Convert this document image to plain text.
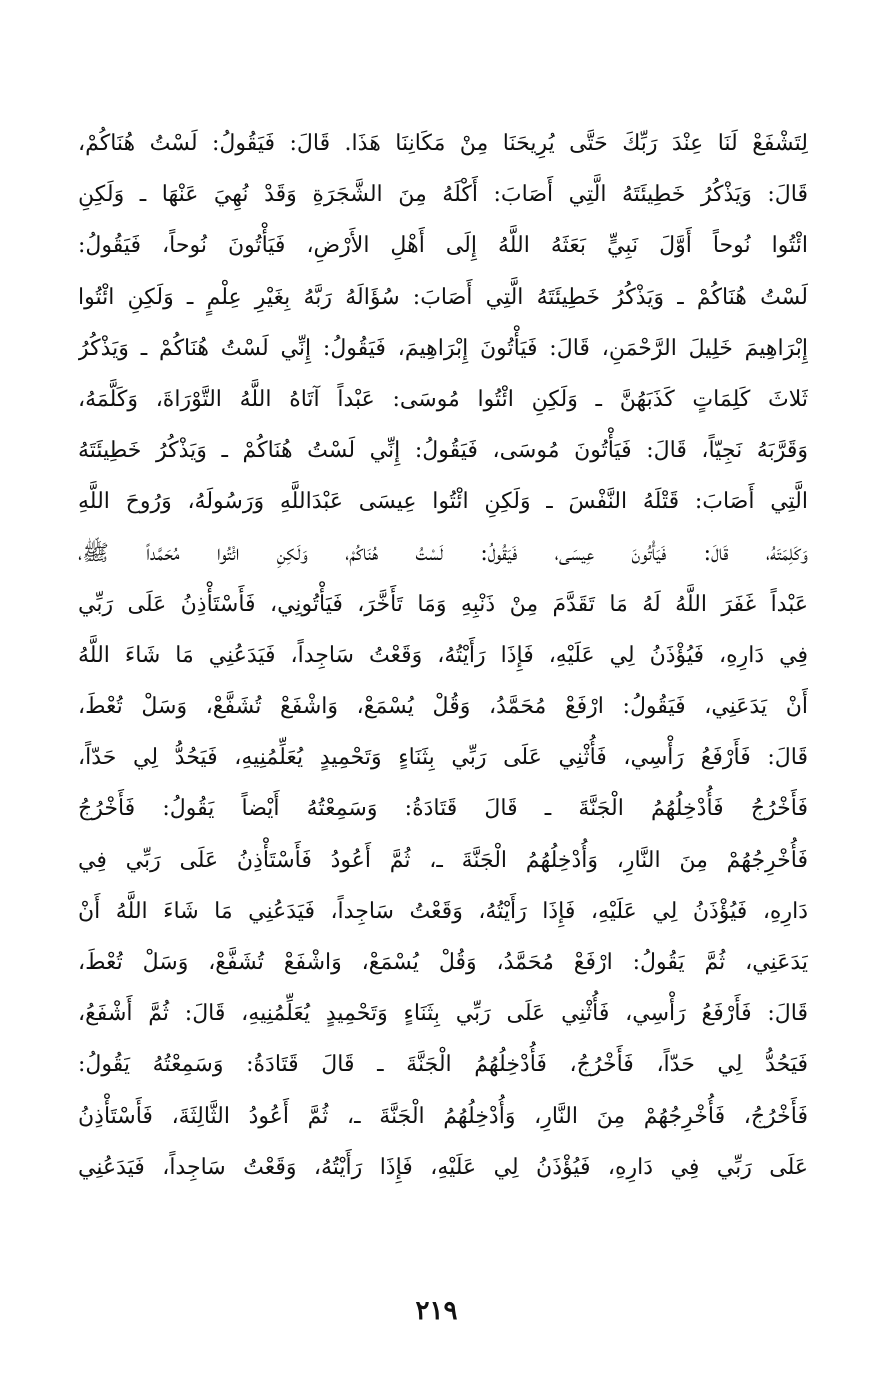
لِتَشْفَعْ لَنَا عِنْدَ رَبِّكَ حَتَّى يُرِيحَنَا مِنْ مَكَانِنَا هَذَا. قَالَ: فَيَقُولُ: لَسْتُ هُنَاكُمْ،
قَالَ: وَيَذْكُرُ خَطِيئَتَهُ الَّتِي أَصَابَ: أَكْلَهُ مِنَ الشَّجَرَةِ وَقَدْ نُهِيَ عَنْهَا ـ وَلَكِنِ
ائْتُوا نُوحاً أَوَّلَ نَبِيٍّ بَعَثَهُ اللَّهُ إِلَى أَهْلِ الأَرْضِ، فَيَأْتُونَ نُوحاً، فَيَقُولُ:
لَسْتُ هُنَاكُمْ ـ وَيَذْكُرُ خَطِيئَتَهُ الَّتِي أَصَابَ: سُؤَالَهُ رَبَّهُ بِغَيْرِ عِلْمٍ ـ وَلَكِنِ ائْتُوا
إِبْرَاهِيمَ خَلِيلَ الرَّحْمَنِ، قَالَ: فَيَأْتُونَ إِبْرَاهِيمَ، فَيَقُولُ: إِنِّي لَسْتُ هُنَاكُمْ ـ وَيَذْكُرُ
ثَلاثَ كَلِمَاتٍ كَذَبَهُنَّ ـ وَلَكِنِ ائْتُوا مُوسَى: عَبْداً آتَاهُ اللَّهُ التَّوْرَاةَ، وَكَلَّمَهُ،
وَقَرَّبَهُ نَجِيّاً، قَالَ: فَيَأْتُونَ مُوسَى، فَيَقُولُ: إِنِّي لَسْتُ هُنَاكُمْ ـ وَيَذْكُرُ خَطِيئَتَهُ
الَّتِي أَصَابَ: قَتْلَهُ النَّفْسَ ـ وَلَكِنِ ائْتُوا عِيسَى عَبْدَاللَّهِ وَرَسُولَهُ، وَرُوحَ اللَّهِ
وَكَلِمَتَهُ، قَالَ: فَيَأْتُونَ عِيسَى، فَيَقُولُ: لَسْتُ هُنَاكُمْ، وَلَكِنِ ائْتُوا مُحَمَّداً ﷺ،
عَبْداً غَفَرَ اللَّهُ لَهُ مَا تَقَدَّمَ مِنْ ذَنْبِهِ وَمَا تَأَخَّرَ، فَيَأْتُونِي، فَأَسْتَأْذِنُ عَلَى رَبِّي
فِي دَارِهِ، فَيُؤْذَنُ لِي عَلَيْهِ، فَإِذَا رَأَيْتُهُ، وَقَعْتُ سَاجِداً، فَيَدَعُنِي مَا شَاءَ اللَّهُ
أَنْ يَدَعَنِي، فَيَقُولُ: ارْفَعْ مُحَمَّدُ، وَقُلْ يُسْمَعْ، وَاشْفَعْ تُشَفَّعْ، وَسَلْ تُعْطَ،
قَالَ: فَأَرْفَعُ رَأْسِي، فَأُثْنِي عَلَى رَبِّي بِثَنَاءٍ وَتَحْمِيدٍ يُعَلِّمُنِيهِ، فَيَحُدُّ لِي حَدّاً،
فَأَخْرُجُ فَأُدْخِلُهُمُ الْجَنَّةَ ـ قَالَ قَتَادَةُ: وَسَمِعْتُهُ أَيْضاً يَقُولُ: فَأَخْرُجُ
فَأُخْرِجُهُمْ مِنَ النَّارِ، وَأُدْخِلُهُمُ الْجَنَّةَ ـ، ثُمَّ أَعُودُ فَأَسْتَأْذِنُ عَلَى رَبِّي فِي
دَارِهِ، فَيُؤْذَنُ لِي عَلَيْهِ، فَإِذَا رَأَيْتُهُ، وَقَعْتُ سَاجِداً، فَيَدَعُنِي مَا شَاءَ اللَّهُ أَنْ
يَدَعَنِي، ثُمَّ يَقُولُ: ارْفَعْ مُحَمَّدُ، وَقُلْ يُسْمَعْ، وَاشْفَعْ تُشَفَّعْ، وَسَلْ تُعْطَ،
قَالَ: فَأَرْفَعُ رَأْسِي، فَأُثْنِي عَلَى رَبِّي بِثَنَاءٍ وَتَحْمِيدٍ يُعَلِّمُنِيهِ، قَالَ: ثُمَّ أَشْفَعُ،
فَيَحُدُّ لِي حَدّاً، فَأَخْرُجُ، فَأُدْخِلُهُمُ الْجَنَّةَ ـ قَالَ قَتَادَةُ: وَسَمِعْتُهُ يَقُولُ:
فَأَخْرُجُ، فَأُخْرِجُهُمْ مِنَ النَّارِ، وَأُدْخِلُهُمُ الْجَنَّةَ ـ، ثُمَّ أَعُودُ الثَّالِثَةَ، فَأَسْتَأْذِنُ
عَلَى رَبِّي فِي دَارِهِ، فَيُؤْذَنُ لِي عَلَيْهِ، فَإِذَا رَأَيْتُهُ، وَقَعْتُ سَاجِداً، فَيَدَعُنِي
٢١٩
